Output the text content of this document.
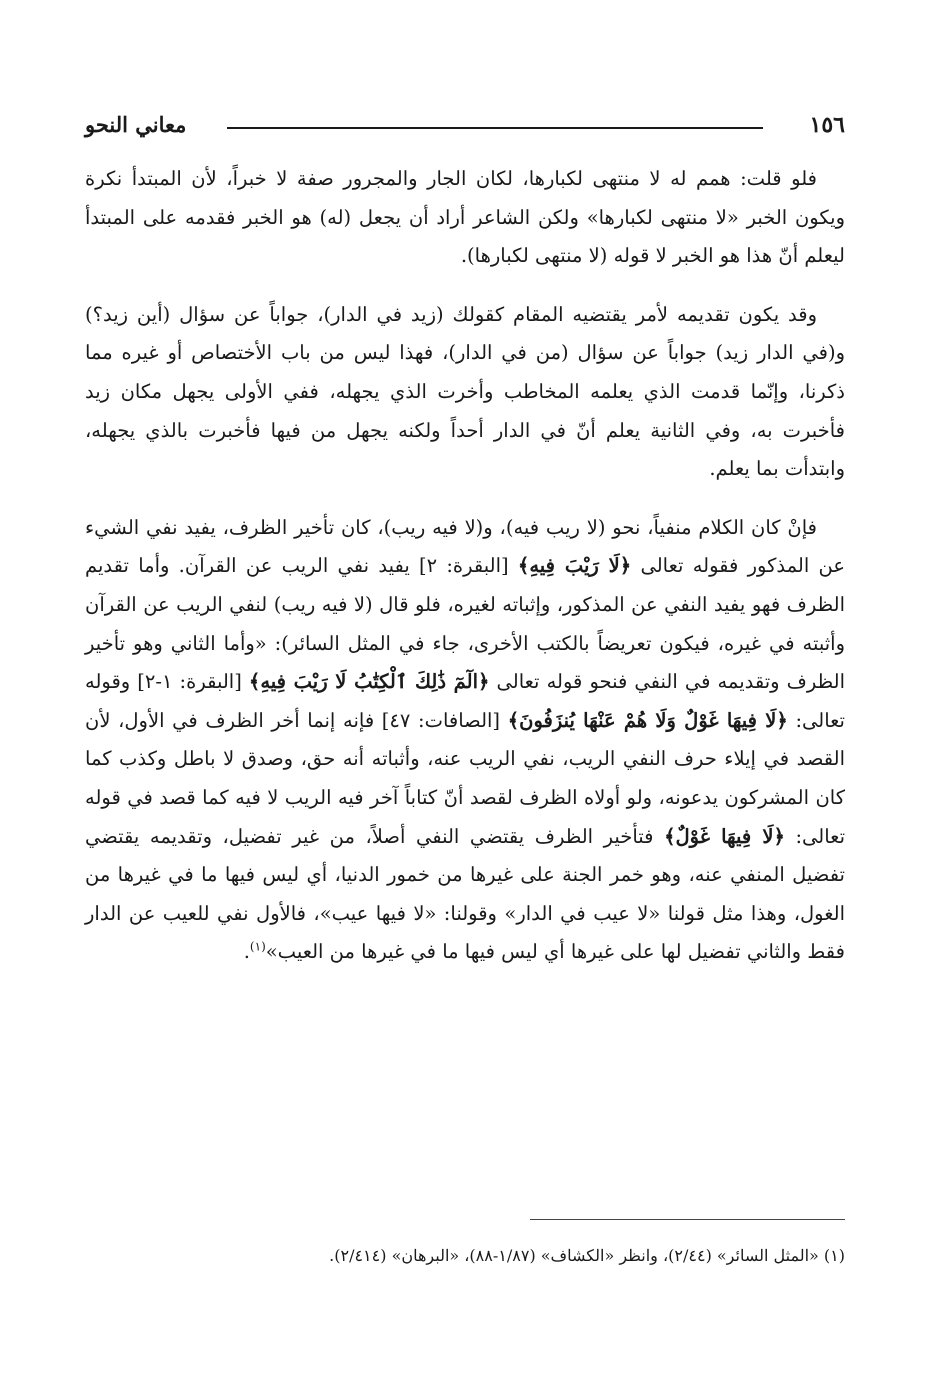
١٥٦
معاني النحو

فلو قلت: همم له لا منتهى لكبارها، لكان الجار والمجرور صفة لا خبراً، لأن المبتدأ نكرة ويكون الخبر «لا منتهى لكبارها» ولكن الشاعر أراد أن يجعل (له) هو الخبر فقدمه على المبتدأ ليعلم أنّ هذا هو الخبر لا قوله (لا منتهى لكبارها).

وقد يكون تقديمه لأمر يقتضيه المقام كقولك (زيد في الدار)، جواباً عن سؤال (أين زيد؟) و(في الدار زيد) جواباً عن سؤال (من في الدار)، فهذا ليس من باب الأختصاص أو غيره مما ذكرنا، وإنّما قدمت الذي يعلمه المخاطب وأخرت الذي يجهله، ففي الأولى يجهل مكان زيد فأخبرت به، وفي الثانية يعلم أنّ في الدار أحداً ولكنه يجهل من فيها فأخبرت بالذي يجهله، وابتدأت بما يعلم.

فإنْ كان الكلام منفياً، نحو (لا ريب فيه)، و(لا فيه ريب)، كان تأخير الظرف، يفيد نفي الشيء عن المذكور فقوله تعالى ﴿لَا رَيْبَ فِيهِ﴾ [البقرة: ٢] يفيد نفي الريب عن القرآن. وأما تقديم الظرف فهو يفيد النفي عن المذكور، وإثباته لغيره، فلو قال (لا فيه ريب) لنفي الريب عن القرآن وأثبته في غيره، فيكون تعريضاً بالكتب الأخرى، جاء في المثل السائر): «وأما الثاني وهو تأخير الظرف وتقديمه في النفي فنحو قوله تعالى ﴿الٓمٓ ذَٰلِكَ ٱلْكِتَٰبُ لَا رَيْبَ فِيهِ﴾ [البقرة: ١-٢] وقوله تعالى: ﴿لَا فِيهَا غَوْلٌ وَلَا هُمْ عَنْهَا يُنزَفُونَ﴾ [الصافات: ٤٧] فإنه إنما أخر الظرف في الأول، لأن القصد في إيلاء حرف النفي الريب، نفي الريب عنه، وأثباته أنه حق، وصدق لا باطل وكذب كما كان المشركون يدعونه، ولو أولاه الظرف لقصد أنّ كتاباً آخر فيه الريب لا فيه كما قصد في قوله تعالى: ﴿لَا فِيهَا غَوْلٌ﴾ فتأخير الظرف يقتضي النفي أصلاً، من غير تفضيل، وتقديمه يقتضي تفضيل المنفي عنه، وهو خمر الجنة على غيرها من خمور الدنيا، أي ليس فيها ما في غيرها من الغول، وهذا مثل قولنا «لا عيب في الدار» وقولنا: «لا فيها عيب»، فالأول نفي للعيب عن الدار فقط والثاني تفضيل لها على غيرها أي ليس فيها ما في غيرها من العيب»$^{(١)}$.

(١) «المثل السائر» (٢/٤٤)، وانظر «الكشاف» (١/٨٧-٨٨)، «البرهان» (٢/٤١٤).
